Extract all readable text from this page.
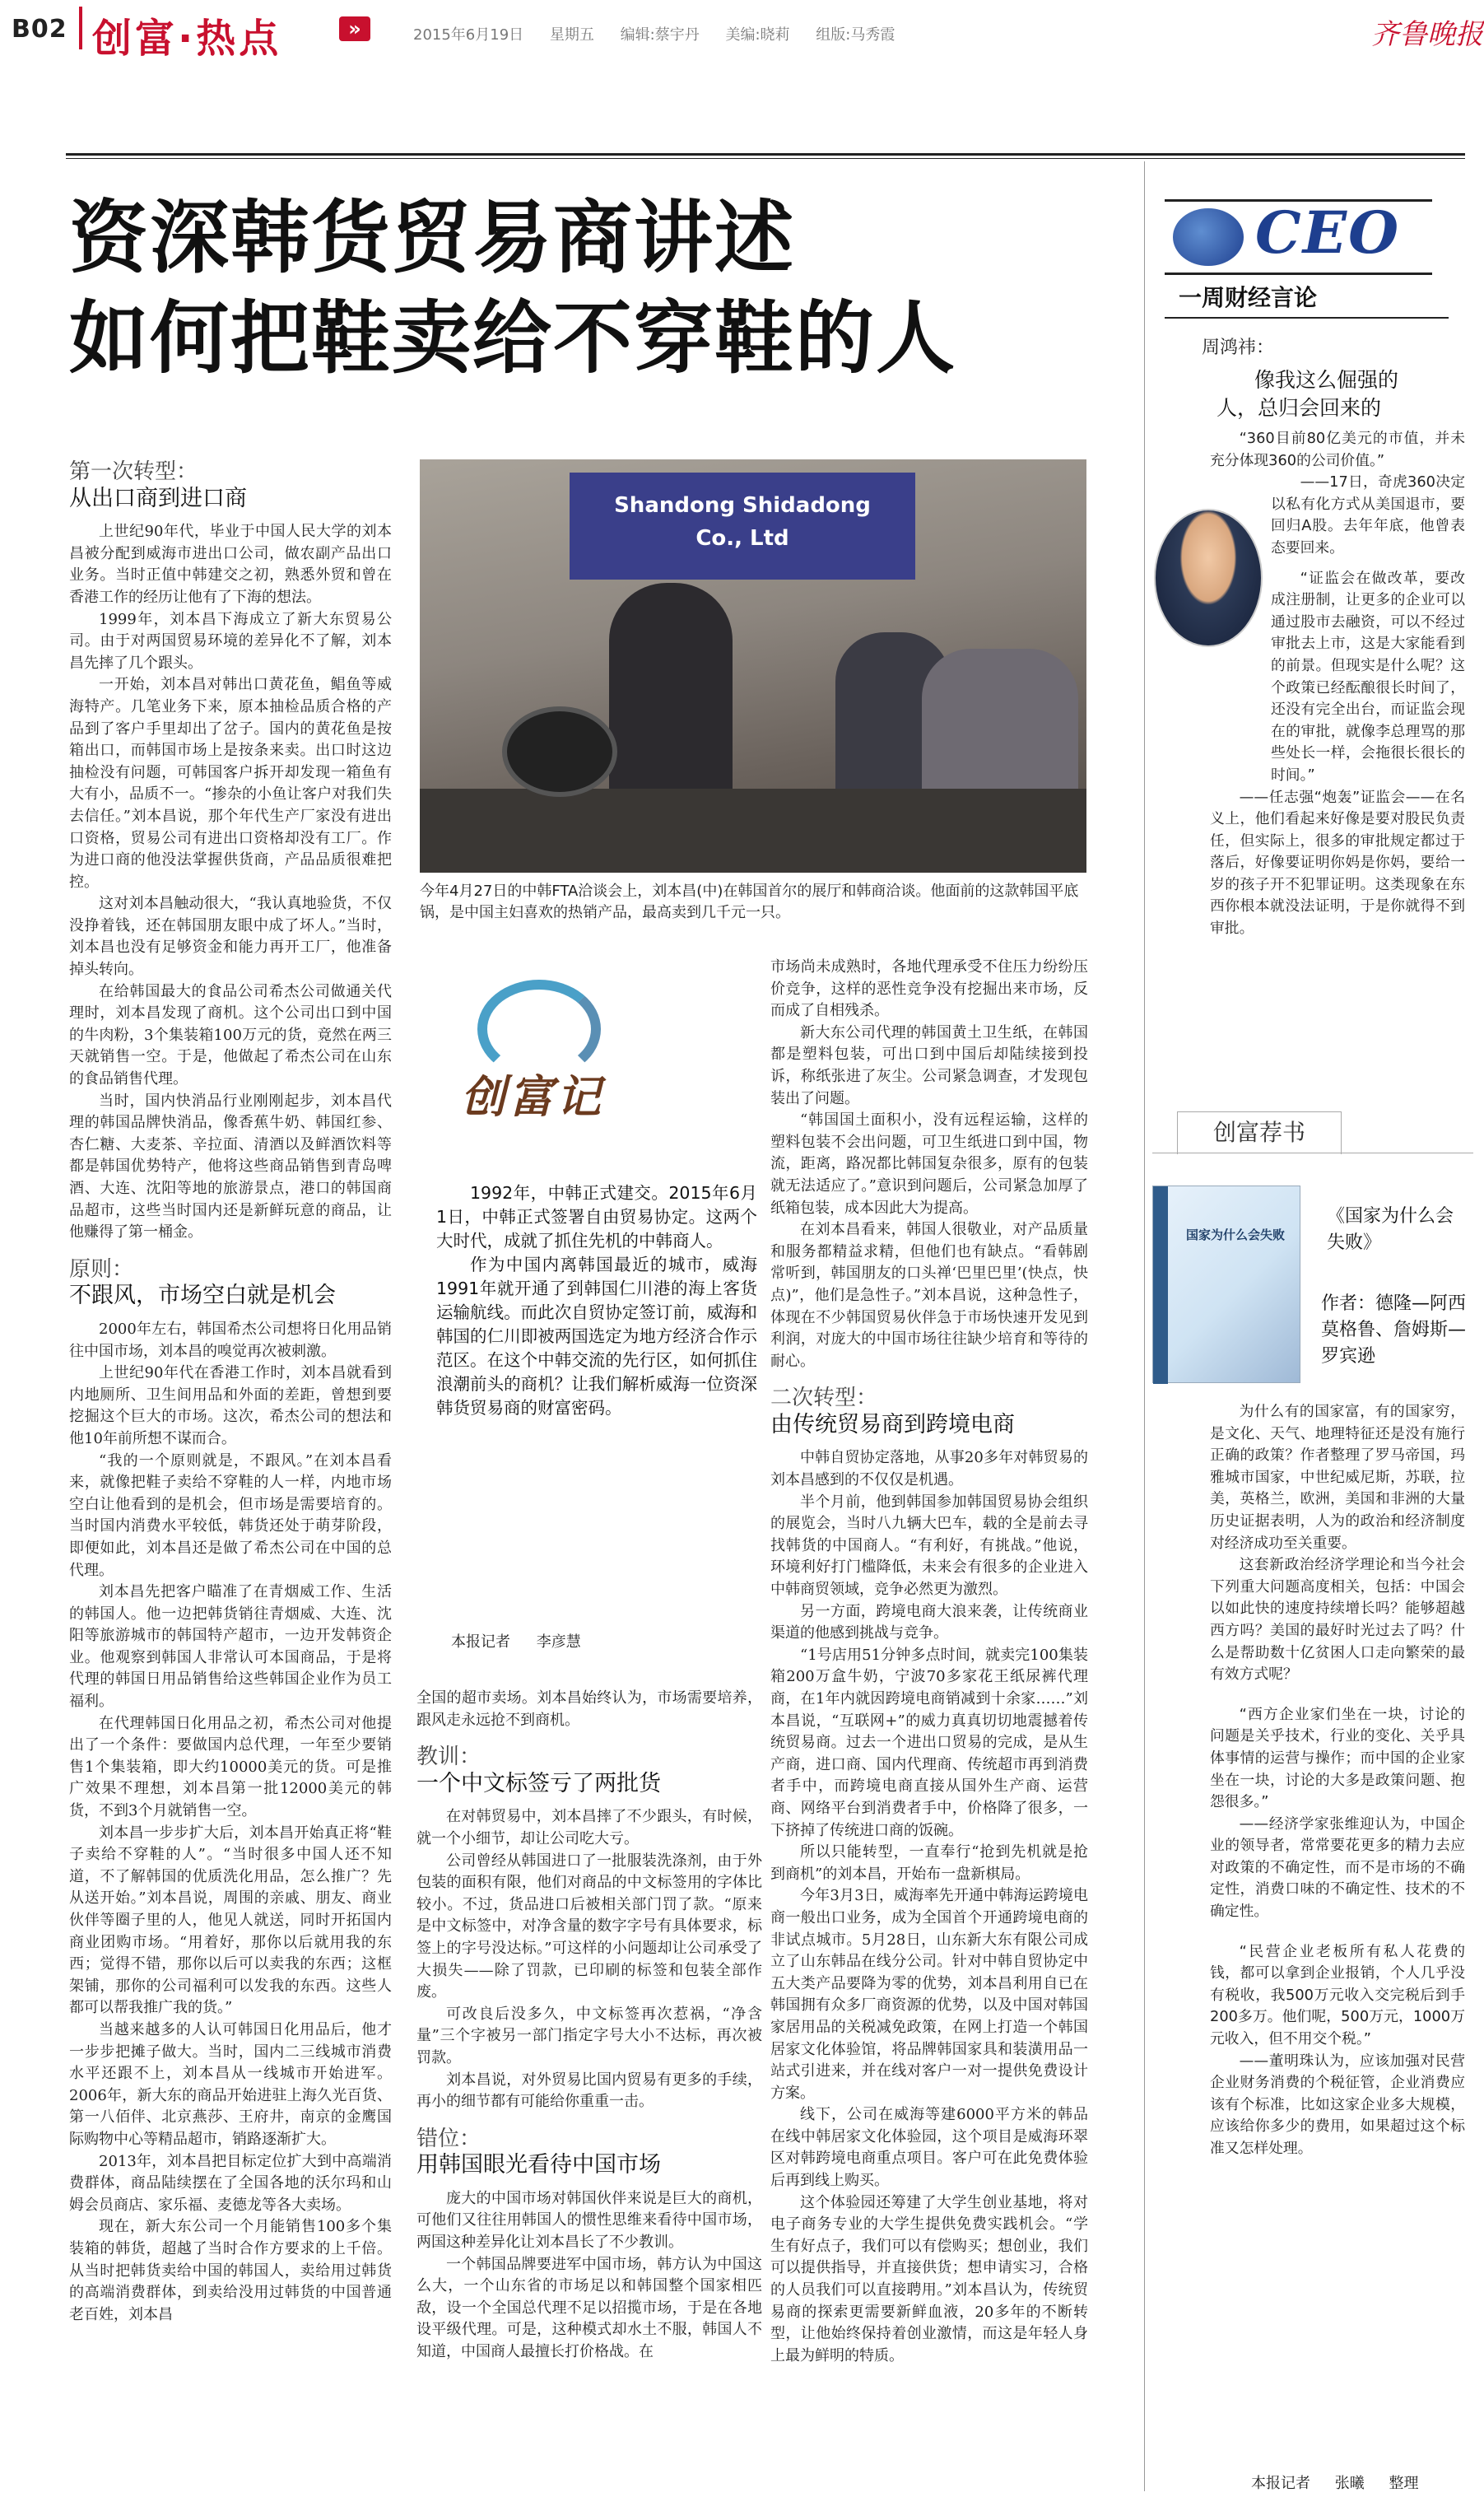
B02 创富·热点	»	2015年6月19日 星期五 编辑:蔡宇丹 美编:晓莉 组版:马秀霞	齐鲁晚报
资深韩货贸易商讲述
如何把鞋卖给不穿鞋的人
第一次转型：
从出口商到进口商

上世纪90年代，毕业于中国人民大学的刘本昌被分配到威海市进出口公司，做农副产品出口业务。当时正值中韩建交之初，熟悉外贸和曾在香港工作的经历让他有了下海的想法。

1999年，刘本昌下海成立了新大东贸易公司。由于对两国贸易环境的差异化不了解，刘本昌先摔了几个跟头。

一开始，刘本昌对韩出口黄花鱼，鲳鱼等威海特产。几笔业务下来，原本抽检品质合格的产品到了客户手里却出了岔子。国内的黄花鱼是按箱出口，而韩国市场上是按条来卖。出口时这边抽检没有问题，可韩国客户拆开却发现一箱鱼有大有小，品质不一。“掺杂的小鱼让客户对我们失去信任。”刘本昌说，那个年代生产厂家没有进出口资格，贸易公司有进出口资格却没有工厂。作为进口商的他没法掌握供货商，产品品质很难把控。

这对刘本昌触动很大，“我认真地验货，不仅没挣着钱，还在韩国朋友眼中成了坏人。”当时，刘本昌也没有足够资金和能力再开工厂，他准备掉头转向。

在给韩国最大的食品公司希杰公司做通关代理时，刘本昌发现了商机。这个公司出口到中国的牛肉粉，3个集装箱100万元的货，竟然在两三天就销售一空。于是，他做起了希杰公司在山东的食品销售代理。

当时，国内快消品行业刚刚起步，刘本昌代理的韩国品牌快消品，像香蕉牛奶、韩国红参、杏仁糖、大麦茶、辛拉面、清酒以及鲜酒饮料等都是韩国优势特产，他将这些商品销售到青岛啤酒、大连、沈阳等地的旅游景点，港口的韩国商品超市，这些当时国内还是新鲜玩意的商品，让他赚得了第一桶金。

原则：
不跟风，市场空白就是机会

2000年左右，韩国希杰公司想将日化用品销往中国市场，刘本昌的嗅觉再次被刺激。

上世纪90年代在香港工作时，刘本昌就看到内地厕所、卫生间用品和外面的差距，曾想到要挖掘这个巨大的市场。这次，希杰公司的想法和他10年前所想不谋而合。

“我的一个原则就是，不跟风。”在刘本昌看来，就像把鞋子卖给不穿鞋的人一样，内地市场空白让他看到的是机会，但市场是需要培育的。当时国内消费水平较低，韩货还处于萌芽阶段，即便如此，刘本昌还是做了希杰公司在中国的总代理。

刘本昌先把客户瞄准了在青烟威工作、生活的韩国人。他一边把韩货销往青烟威、大连、沈阳等旅游城市的韩国特产超市，一边开发韩资企业。他观察到韩国人非常认可本国商品，于是将代理的韩国日用品销售给这些韩国企业作为员工福利。

在代理韩国日化用品之初，希杰公司对他提出了一个条件：要做国内总代理，一年至少要销售1个集装箱，即大约10000美元的货。可是推广效果不理想，刘本昌第一批12000美元的韩货，不到3个月就销售一空。

刘本昌一步步扩大后，刘本昌开始真正将“鞋子卖给不穿鞋的人”。“当时很多中国人还不知道，不了解韩国的优质洗化用品，怎么推广？先从送开始。”刘本昌说，周围的亲戚、朋友、商业伙伴等圈子里的人，他见人就送，同时开拓国内商业团购市场。“用着好，那你以后就用我的东西；觉得不错，那你以后可以卖我的东西；这框架铺，那你的公司福利可以发我的东西。这些人都可以帮我推广我的货。”

当越来越多的人认可韩国日化用品后，他才一步步把摊子做大。当时，国内二三线城市消费水平还跟不上，刘本昌从一线城市开始进军。2006年，新大东的商品开始进驻上海久光百货、第一八佰伴、北京燕莎、王府井，南京的金鹰国际购物中心等精品超市，销路逐渐扩大。

2013年，刘本昌把目标定位扩大到中高端消费群体，商品陆续摆在了全国各地的沃尔玛和山姆会员商店、家乐福、麦德龙等各大卖场。

现在，新大东公司一个月能销售100多个集装箱的韩货，超越了当时合作方要求的上千倍。从当时把韩货卖给中国的韩国人，卖给用过韩货的高端消费群体，到卖给没用过韩货的中国普通老百姓，刘本昌

Shandong Shidadong
Co., Ltd
今年4月27日的中韩FTA洽谈会上，刘本昌(中)在韩国首尔的展厅和韩商洽谈。他面前的这款韩国平底锅，是中国主妇喜欢的热销产品，最高卖到几千元一只。
创富记

1992年，中韩正式建交。2015年6月1日，中韩正式签署自由贸易协定。这两个大时代，成就了抓住先机的中韩商人。

作为中国内离韩国最近的城市，威海1991年就开通了到韩国仁川港的海上客货运输航线。而此次自贸协定签订前，威海和韩国的仁川即被两国选定为地方经济合作示范区。在这个中韩交流的先行区，如何抓住浪潮前头的商机？让我们解析威海一位资深韩货贸易商的财富密码。

本报记者 李彦慧

全国的超市卖场。刘本昌始终认为，市场需要培养，跟风走永远抢不到商机。

教训：
一个中文标签亏了两批货

在对韩贸易中，刘本昌摔了不少跟头，有时候，就一个小细节，却让公司吃大亏。

公司曾经从韩国进口了一批服装洗涤剂，由于外包装的面积有限，他们对商品的中文标签用的字体比较小。不过，货品进口后被相关部门罚了款。“原来是中文标签中，对净含量的数字字号有具体要求，标签上的字号没达标。”可这样的小问题却让公司承受了大损失——除了罚款，已印刷的标签和包装全部作废。

可改良后没多久，中文标签再次惹祸，“净含量”三个字被另一部门指定字号大小不达标，再次被罚款。

刘本昌说，对外贸易比国内贸易有更多的手续，再小的细节都有可能给你重重一击。

错位：
用韩国眼光看待中国市场

庞大的中国市场对韩国伙伴来说是巨大的商机，可他们又往往用韩国人的惯性思维来看待中国市场，两国这种差异化让刘本昌长了不少教训。

一个韩国品牌要进军中国市场，韩方认为中国这么大，一个山东省的市场足以和韩国整个国家相匹敌，设一个全国总代理不足以招揽市场，于是在各地设平级代理。可是，这种模式却水土不服，韩国人不知道，中国商人最擅长打价格战。在

市场尚未成熟时，各地代理承受不住压力纷纷压价竞争，这样的恶性竞争没有挖掘出来市场，反而成了自相残杀。

新大东公司代理的韩国黄土卫生纸，在韩国都是塑料包装，可出口到中国后却陆续接到投诉，称纸张进了灰尘。公司紧急调查，才发现包装出了问题。

“韩国国土面积小，没有远程运输，这样的塑料包装不会出问题，可卫生纸进口到中国，物流，距离，路况都比韩国复杂很多，原有的包装就无法适应了。”意识到问题后，公司紧急加厚了纸箱包装，成本因此大为提高。

在刘本昌看来，韩国人很敬业，对产品质量和服务都精益求精，但他们也有缺点。“看韩剧常听到，韩国朋友的口头禅‘巴里巴里’(快点，快点)”，他们是急性子。”刘本昌说，这种急性子，体现在不少韩国贸易伙伴急于市场快速开发见到利润，对庞大的中国市场往往缺少培育和等待的耐心。

二次转型：
由传统贸易商到跨境电商

中韩自贸协定落地，从事20多年对韩贸易的刘本昌感到的不仅仅是机遇。

半个月前，他到韩国参加韩国贸易协会组织的展览会，当时八九辆大巴车，载的全是前去寻找韩货的中国商人。“有利好，有挑战。”他说，环境利好打门槛降低，未来会有很多的企业进入中韩商贸领域，竞争必然更为激烈。

另一方面，跨境电商大浪来袭，让传统商业渠道的他感到挑战与竞争。

“1号店用51分钟多点时间，就卖完100集装箱200万盒牛奶，宁波70多家花王纸尿裤代理商，在1年内就因跨境电商销减到十余家……”刘本昌说，“互联网+”的威力真真切切地震撼着传统贸易商。过去一个进出口贸易的完成，是从生产商，进口商、国内代理商、传统超市再到消费者手中，而跨境电商直接从国外生产商、运营商、网络平台到消费者手中，价格降了很多，一下挤掉了传统进口商的饭碗。

所以只能转型，一直奉行“抢到先机就是抢到商机”的刘本昌，开始布一盘新棋局。

今年3月3日，威海率先开通中韩海运跨境电商一般出口业务，成为全国首个开通跨境电商的非试点城市。5月28日，山东新大东有限公司成立了山东韩品在线分公司。针对中韩自贸协定中五大类产品要降为零的优势，刘本昌利用自已在韩国拥有众多厂商资源的优势，以及中国对韩国家居用品的关税减免政策，在网上打造一个韩国居家文化体验馆，将品牌韩国家具和装潢用品一站式引进来，并在线对客户一对一提供免费设计方案。

线下，公司在威海等建6000平方米的韩品在线中韩居家文化体验园，这个项目是威海环翠区对韩跨境电商重点项目。客户可在此免费体验后再到线上购买。

这个体验园还筹建了大学生创业基地，将对电子商务专业的大学生提供免费实践机会。“学生有好点子，我们可以有偿购买；想创业，我们可以提供指导，并直接供货；想申请实习，合格的人员我们可以直接聘用。”刘本昌认为，传统贸易商的探索更需要新鲜血液，20多年的不断转型，让他始终保持着创业激情，而这是年轻人身上最为鲜明的特质。

CEO
一周财经言论
周鸿祎：
像我这么倔强的
人，总归会回来的

“360目前80亿美元的市值，并未充分体现360的公司价值。”

——17日，奇虎360决定以私有化方式从美国退市，要回归A股。去年年底，他曾表态要回来。

“证监会在做改革，要改成注册制，让更多的企业可以通过股市去融资，可以不经过审批去上市，这是大家能看到的前景。但现实是什么呢？这个政策已经酝酿很长时间了，还没有完全出台，而证监会现在的审批，就像李总理骂的那些处长一样，会拖很长很长的时间。”

——任志强“炮轰”证监会——在名义上，他们看起来好像是要对股民负责任，但实际上，很多的审批规定都过于落后，好像要证明你妈是你妈，要给一岁的孩子开不犯罪证明。这类现象在东西你根本就没法证明，于是你就得不到审批。

创富荐书
国家为什么会失败
《国家为什么会失败》
作者：德隆—阿西莫格鲁、詹姆斯—罗宾逊

为什么有的国家富，有的国家穷，是文化、天气、地理特征还是没有施行正确的政策？作者整理了罗马帝国，玛雅城市国家，中世纪威尼斯，苏联，拉美，英格兰，欧洲，美国和非洲的大量历史证据表明，人为的政治和经济制度对经济成功至关重要。

这套新政治经济学理论和当今社会下列重大问题高度相关，包括：中国会以如此快的速度持续增长吗？能够超越西方吗？美国的最好时光过去了吗？什么是帮助数十亿贫困人口走向繁荣的最有效方式呢？

“西方企业家们坐在一块，讨论的问题是关乎技术，行业的变化、关乎具体事情的运营与操作；而中国的企业家坐在一块，讨论的大多是政策问题、抱怨很多。”

——经济学家张维迎认为，中国企业的领导者，常常要花更多的精力去应对政策的不确定性，而不是市场的不确定性，消费口味的不确定性、技术的不确定性。

“民营企业老板所有私人花费的钱，都可以拿到企业报销，个人几乎没有税收，我500万元收入交完税后到手200多万。他们呢，500万元，1000万元收入，但不用交个税。”

——董明珠认为，应该加强对民营企业财务消费的个税征管，企业消费应该有个标准，比如这家企业多大规模，应该给你多少的费用，如果超过这个标准又怎样处理。

本报记者 张曦 整理
